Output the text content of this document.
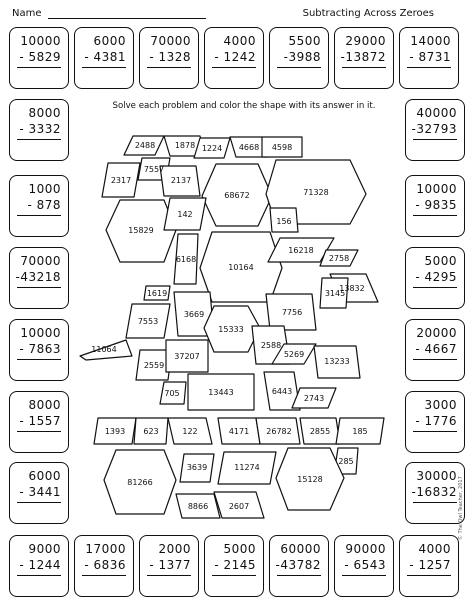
Name	Subtracting Across Zeroes
Solve each problem and color the shape with its answer in it.
10000
- 5829
6000
- 4381
70000
- 1328
4000
- 1242
5500
-3988
29000
-13872
14000
- 8731
8000
- 3332
1000
- 878
70000
-43218
10000
- 7863
8000
- 1557
6000
- 3441
40000
-32793
10000
- 9835
5000
- 4295
20000
- 4667
3000
- 1776
30000
-16832
9000
- 1244
17000
- 6836
2000
- 1377
5000
- 2145
60000
-43782
90000
- 6543
4000
- 1257
2488 1878 1224 4668 4598
2317
7557
2137
68672	71328
15829
142
156
6168
10164
16218
2758
13832
1619
3669
3145
7553
15333
7756
11064	2588
5269
2559
37207
13233
705	13443	6443
2743
1393 623	122	4171 26782 2855	185
3639	11274
285
81266	15128
8866	2607	© The Owl Teacher, 2017
